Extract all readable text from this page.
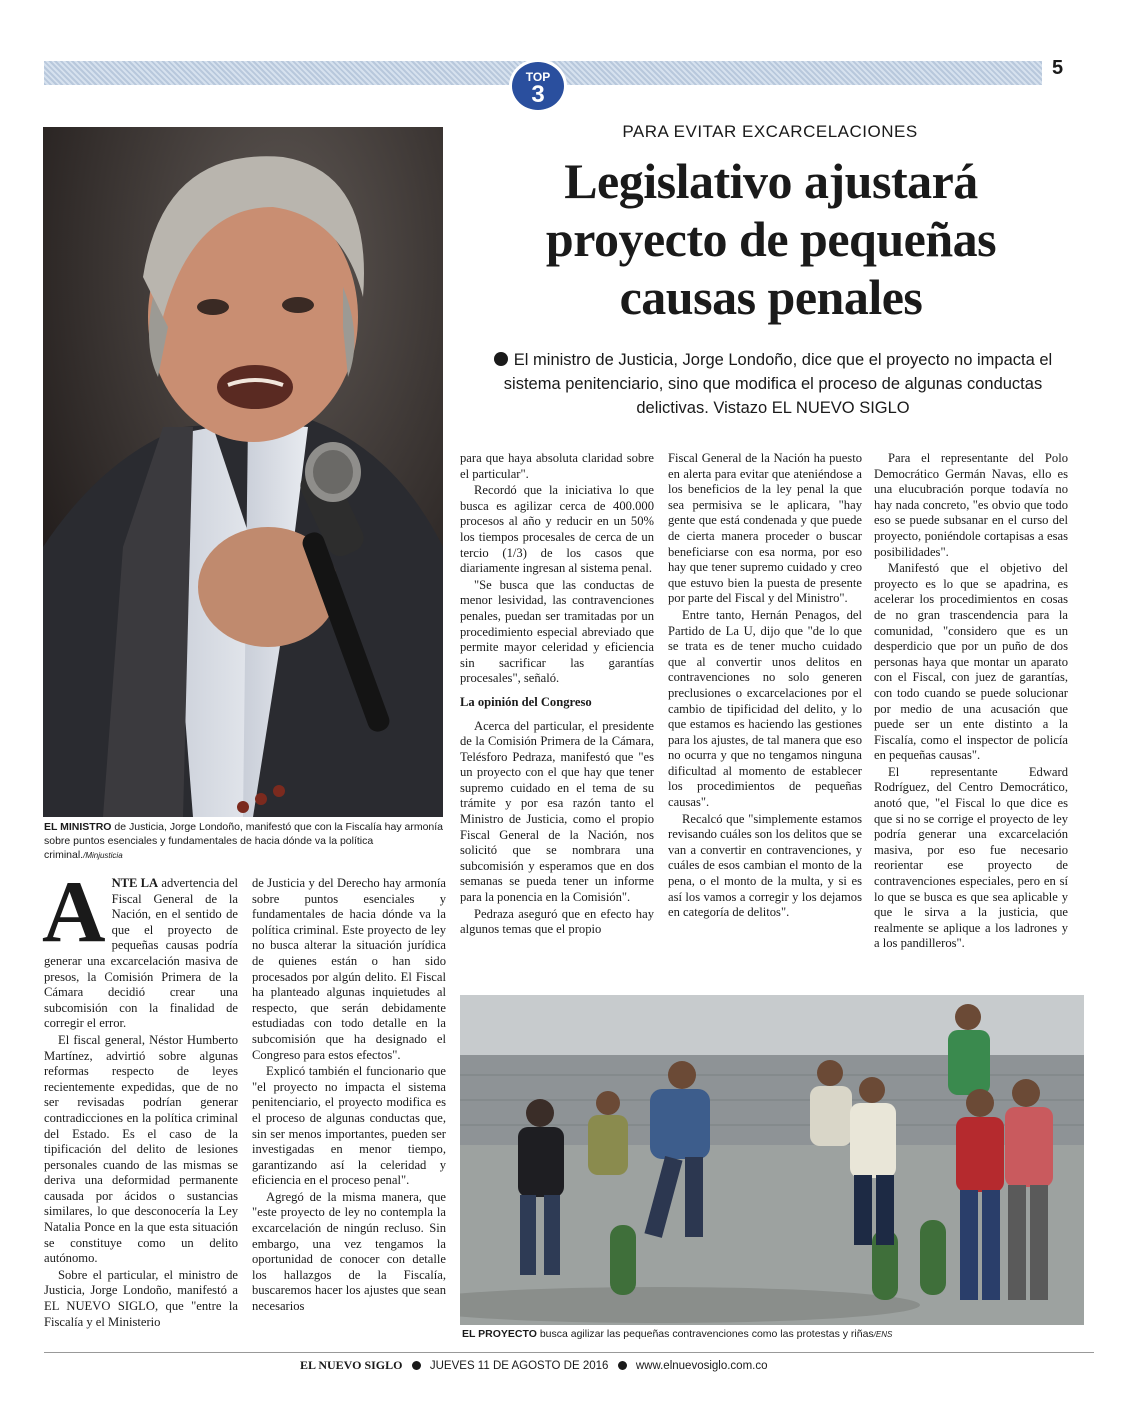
TOP
3
5
EL MINISTRO de Justicia, Jorge Londoño, manifestó que con la Fiscalía hay armonía sobre puntos esenciales y fundamentales de hacia dónde va la política criminal./Minjusticia
PARA EVITAR EXCARCELACIONES
Legislativo ajustará
proyecto de pequeñas
causas penales
El ministro de Justicia, Jorge Londoño, dice que el proyecto no impacta el sistema penitenciario, sino que modifica el proceso de algunas conductas delictivas. Vistazo EL NUEVO SIGLO

A NTE LA advertencia del Fiscal General de la Nación, en el sentido de que el proyecto de pequeñas causas podría generar una excarcelación masiva de presos, la Comisión Primera de la Cámara decidió crear una subcomisión con la finalidad de corregir el error.

El fiscal general, Néstor Humberto Martínez, advirtió sobre algunas reformas respecto de leyes recientemente expedidas, que de no ser revisadas podrían generar contradicciones en la política criminal del Estado. Es el caso de la tipificación del delito de lesiones personales cuando de las mismas se deriva una deformidad permanente causada por ácidos o sustancias similares, lo que desconocería la Ley Natalia Ponce en la que esta situación se constituye como un delito autónomo.

Sobre el particular, el ministro de Justicia, Jorge Londoño, manifestó a EL NUEVO SIGLO, que "entre la Fiscalía y el Ministerio

de Justicia y del Derecho hay armonía sobre puntos esenciales y fundamentales de hacia dónde va la política criminal. Este proyecto de ley no busca alterar la situación jurídica de quienes están o han sido procesados por algún delito. El Fiscal ha planteado algunas inquietudes al respecto, que serán debidamente estudiadas con todo detalle en la subcomisión que ha designado el Congreso para estos efectos".

Explicó también el funcionario que "el proyecto no impacta el sistema penitenciario, el proyecto modifica es el proceso de algunas conductas que, sin ser menos importantes, pueden ser investigadas en menor tiempo, garantizando así la celeridad y eficiencia en el proceso penal".

Agregó de la misma manera, que "este proyecto de ley no contempla la excarcelación de ningún recluso. Sin embargo, una vez tengamos la oportunidad de conocer con detalle los hallazgos de la Fiscalía, buscaremos hacer los ajustes que sean necesarios

para que haya absoluta claridad sobre el particular".

Recordó que la iniciativa lo que busca es agilizar cerca de 400.000 procesos al año y reducir en un 50% los tiempos procesales de cerca de un tercio (1/3) de los casos que diariamente ingresan al sistema penal.

"Se busca que las conductas de menor lesividad, las contravenciones penales, puedan ser tramitadas por un procedimiento especial abreviado que permite mayor celeridad y eficiencia sin sacrificar las garantías procesales", señaló.

La opinión del Congreso

Acerca del particular, el presidente de la Comisión Primera de la Cámara, Telésforo Pedraza, manifestó que "es un proyecto con el que hay que tener supremo cuidado en el tema de su trámite y por esa razón tanto el Ministro de Justicia, como el propio Fiscal General de la Nación, nos solicitó que se nombrara una subcomisión y esperamos que en dos semanas se pueda tener un informe para la ponencia en la Comisión".

Pedraza aseguró que en efecto hay algunos temas que el propio

Fiscal General de la Nación ha puesto en alerta para evitar que ateniéndose a los beneficios de la ley penal la que sea permisiva se le aplicara, "hay gente que está condenada y que puede de cierta manera proceder o buscar beneficiarse con esa norma, por eso hay que tener supremo cuidado y creo que estuvo bien la puesta de presente por parte del Fiscal y del Ministro".

Entre tanto, Hernán Penagos, del Partido de La U, dijo que "de lo que se trata es de tener mucho cuidado que al convertir unos delitos en contravenciones no solo generen preclusiones o excarcelaciones por el cambio de tipificidad del delito, y lo que estamos es haciendo las gestiones para los ajustes, de tal manera que eso no ocurra y que no tengamos ninguna dificultad al momento de establecer los procedimientos de pequeñas causas".

Recalcó que "simplemente estamos revisando cuáles son los delitos que se van a convertir en contravenciones, y cuáles de esos cambian el monto de la pena, o el monto de la multa, y si es así los vamos a corregir y los dejamos en categoría de delitos".

Para el representante del Polo Democrático Germán Navas, ello es una elucubración porque todavía no hay nada concreto, "es obvio que todo eso se puede subsanar en el curso del proyecto, poniéndole cortapisas a esas posibilidades".

Manifestó que el objetivo del proyecto es lo que se apadrina, es acelerar los procedimientos en cosas de no gran trascendencia para la comunidad, "considero que es un desperdicio que por un puño de dos personas haya que montar un aparato con el Fiscal, con juez de garantías, con todo cuando se puede solucionar por medio de una acusación que puede ser un ente distinto a la Fiscalía, como el inspector de policía en pequeñas causas".

El representante Edward Rodríguez, del Centro Democrático, anotó que, "el Fiscal lo que dice es que si no se corrige el proyecto de ley podría generar una excarcelación masiva, por eso fue necesario reorientar ese proyecto de contravenciones especiales, pero en sí lo que se busca es que sea aplicable y que le sirva a la justicia, que realmente se aplique a los ladrones y a los pandilleros".

EL PROYECTO busca agilizar las pequeñas contravenciones como las protestas y riñas/ENS
EL NUEVO SIGLO JUEVES 11 DE AGOSTO DE 2016 www.elnuevosiglo.com.co
